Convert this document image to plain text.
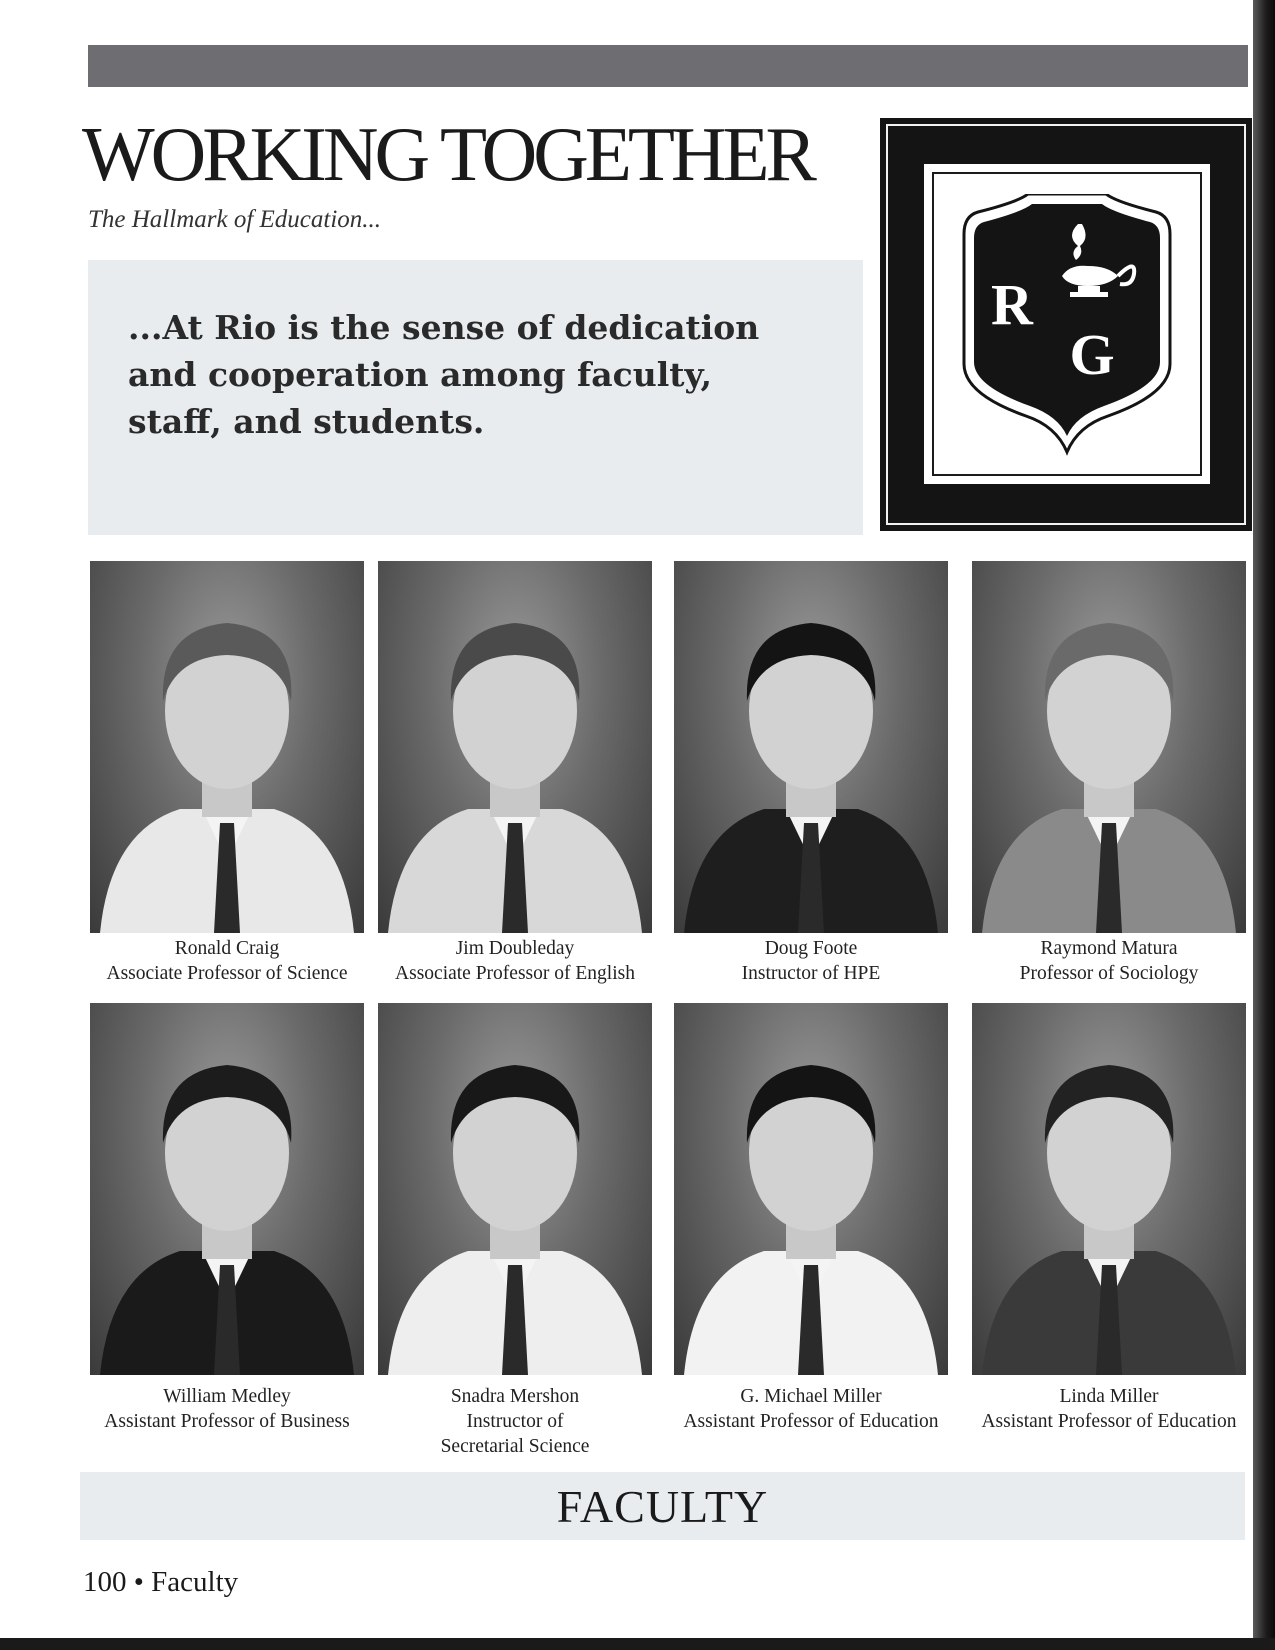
WORKING TOGETHER
The Hallmark of Education...
...At Rio is the sense of dedication and cooperation among faculty, staff, and students.
R
G
Ronald Craig
Associate Professor of Science
Jim Doubleday
Associate Professor of English
Doug Foote
Instructor of HPE
Raymond Matura
Professor of Sociology
William Medley
Assistant Professor of Business
Snadra Mershon
Instructor of Secretarial Science
G. Michael Miller
Assistant Professor of Education
Linda Miller
Assistant Professor of Education
FACULTY
100 • Faculty
